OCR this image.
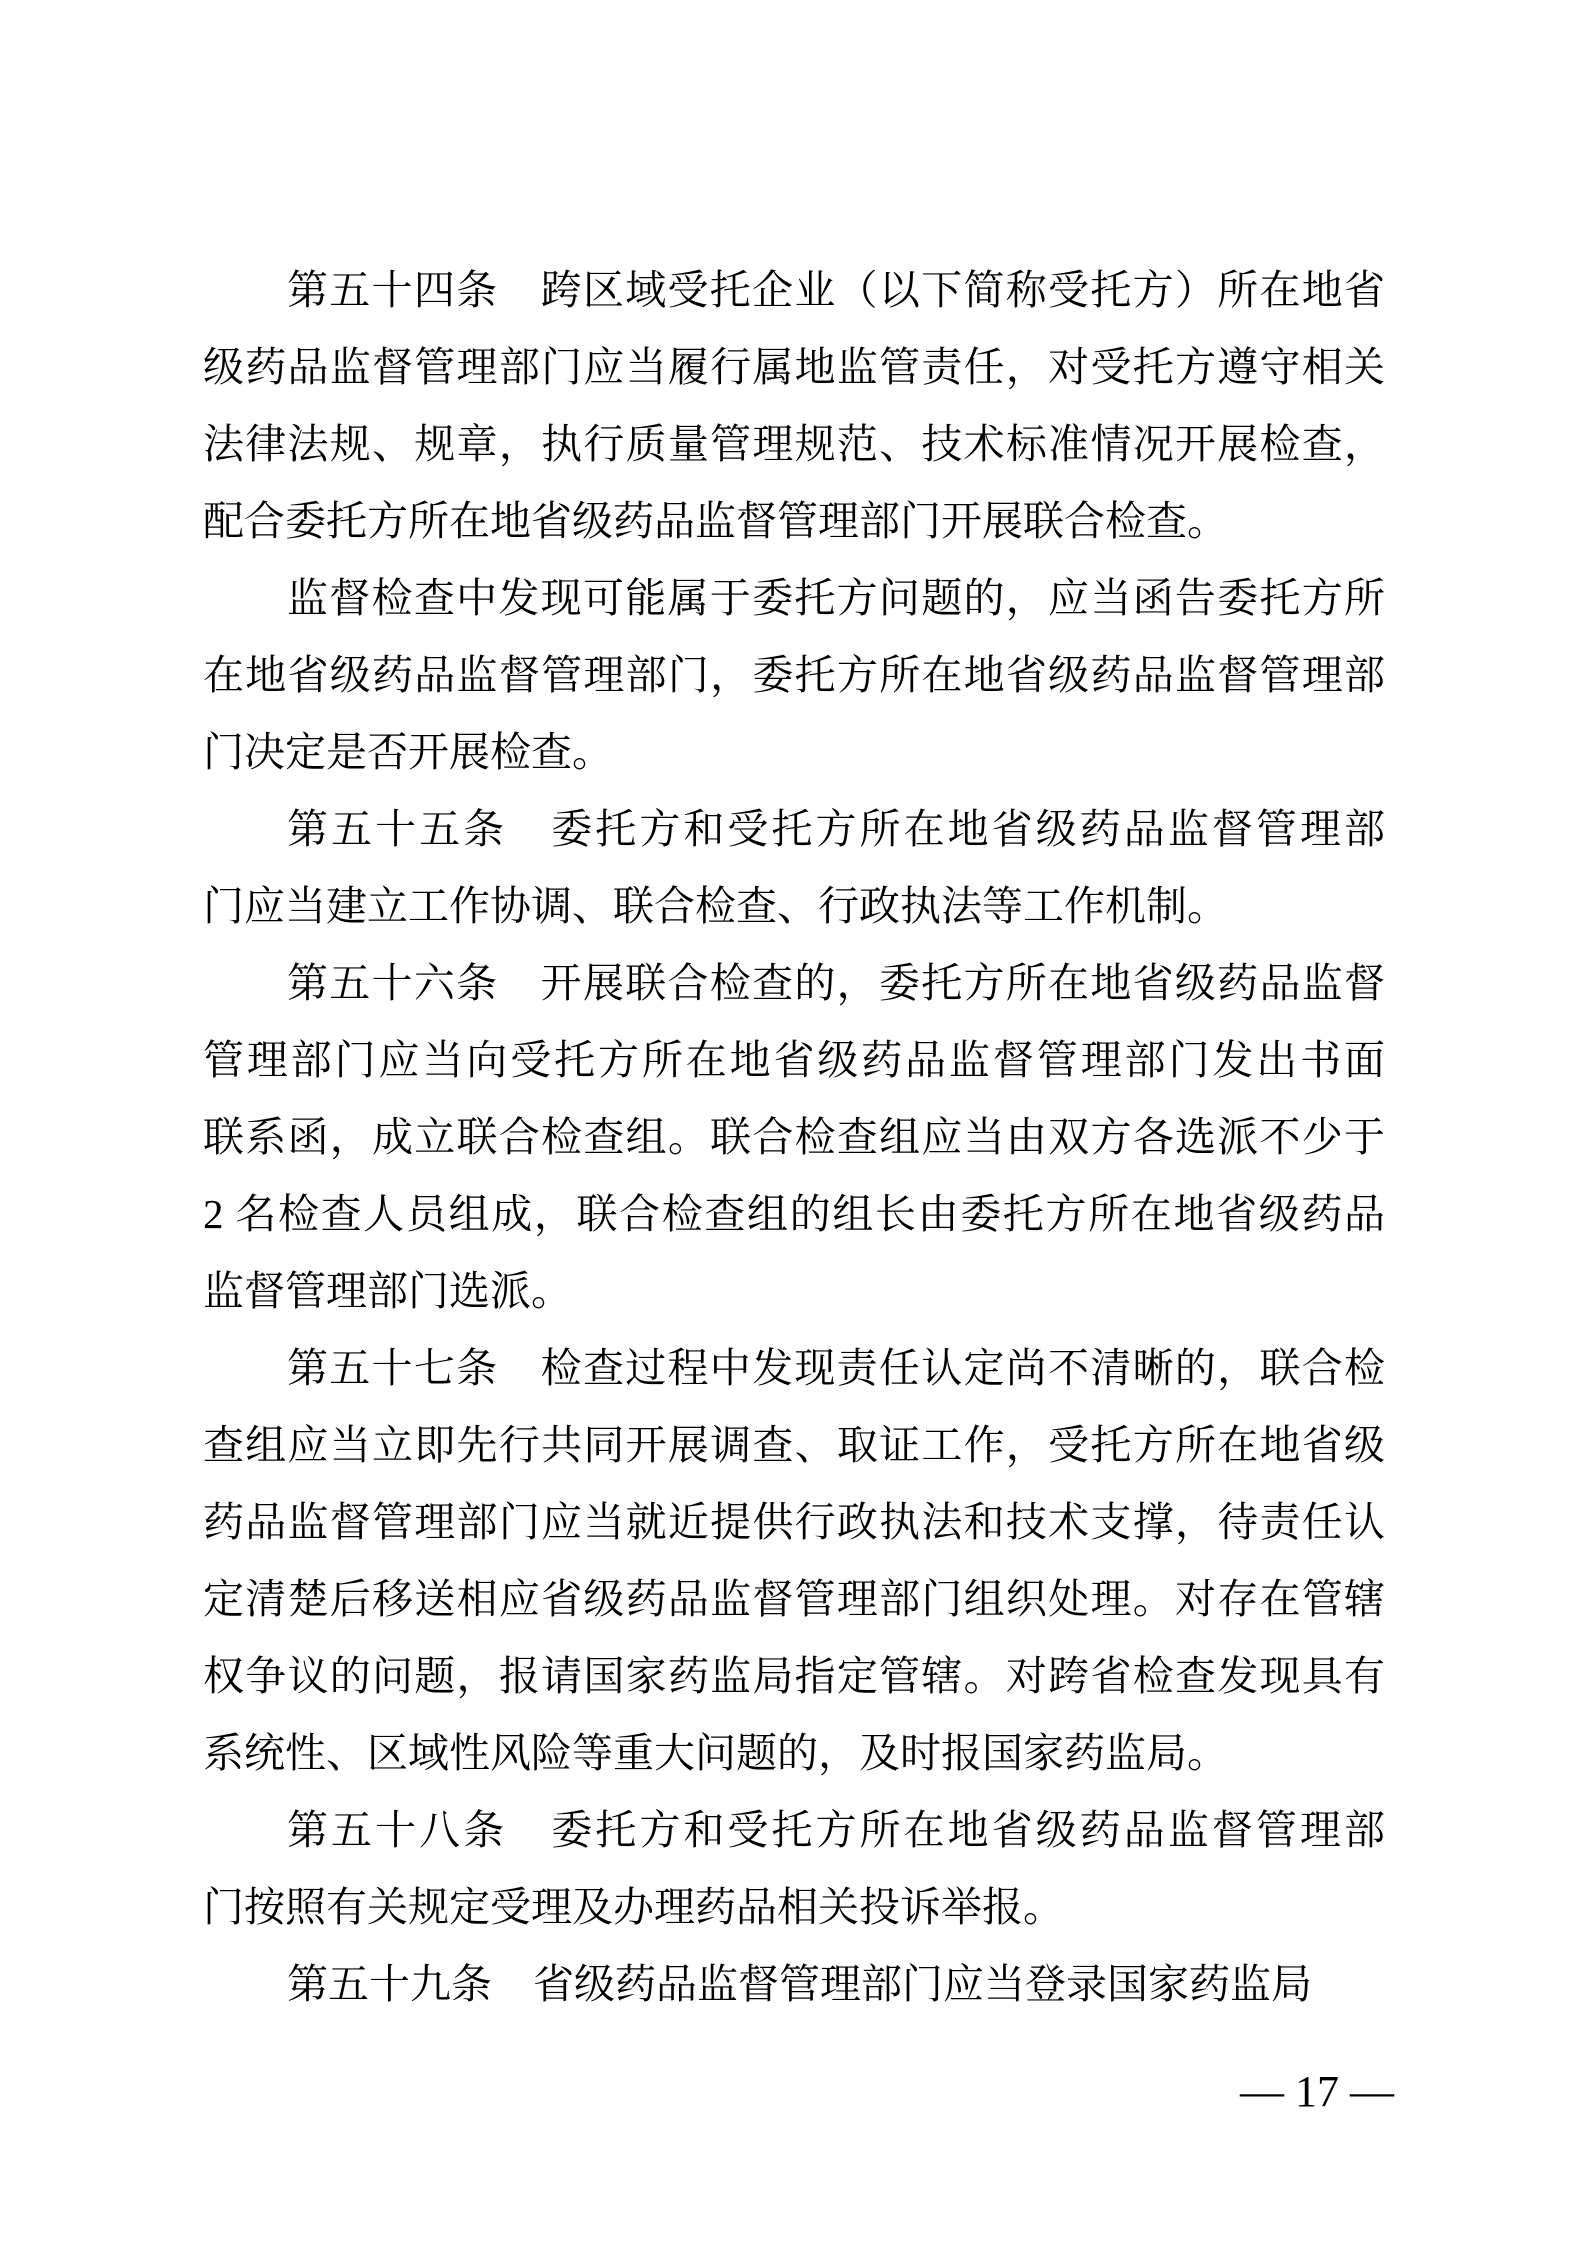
第五十四条　跨区域受托企业（以下简称受托方）所在地省
级药品监督管理部门应当履行属地监管责任，对受托方遵守相关
法律法规、规章，执行质量管理规范、技术标准情况开展检查，
配合委托方所在地省级药品监督管理部门开展联合检查。
监督检查中发现可能属于委托方问题的，应当函告委托方所
在地省级药品监督管理部门，委托方所在地省级药品监督管理部
门决定是否开展检查。
第五十五条　委托方和受托方所在地省级药品监督管理部
门应当建立工作协调、联合检查、行政执法等工作机制。
第五十六条　开展联合检查的，委托方所在地省级药品监督
管理部门应当向受托方所在地省级药品监督管理部门发出书面
联系函，成立联合检查组。联合检查组应当由双方各选派不少于
2 名检查人员组成，联合检查组的组长由委托方所在地省级药品
监督管理部门选派。
第五十七条　检查过程中发现责任认定尚不清晰的，联合检
查组应当立即先行共同开展调查、取证工作，受托方所在地省级
药品监督管理部门应当就近提供行政执法和技术支撑，待责任认
定清楚后移送相应省级药品监督管理部门组织处理。对存在管辖
权争议的问题，报请国家药监局指定管辖。对跨省检查发现具有
系统性、区域性风险等重大问题的，及时报国家药监局。
第五十八条　委托方和受托方所在地省级药品监督管理部
门按照有关规定受理及办理药品相关投诉举报。
第五十九条　省级药品监督管理部门应当登录国家药监局

— 17 —
